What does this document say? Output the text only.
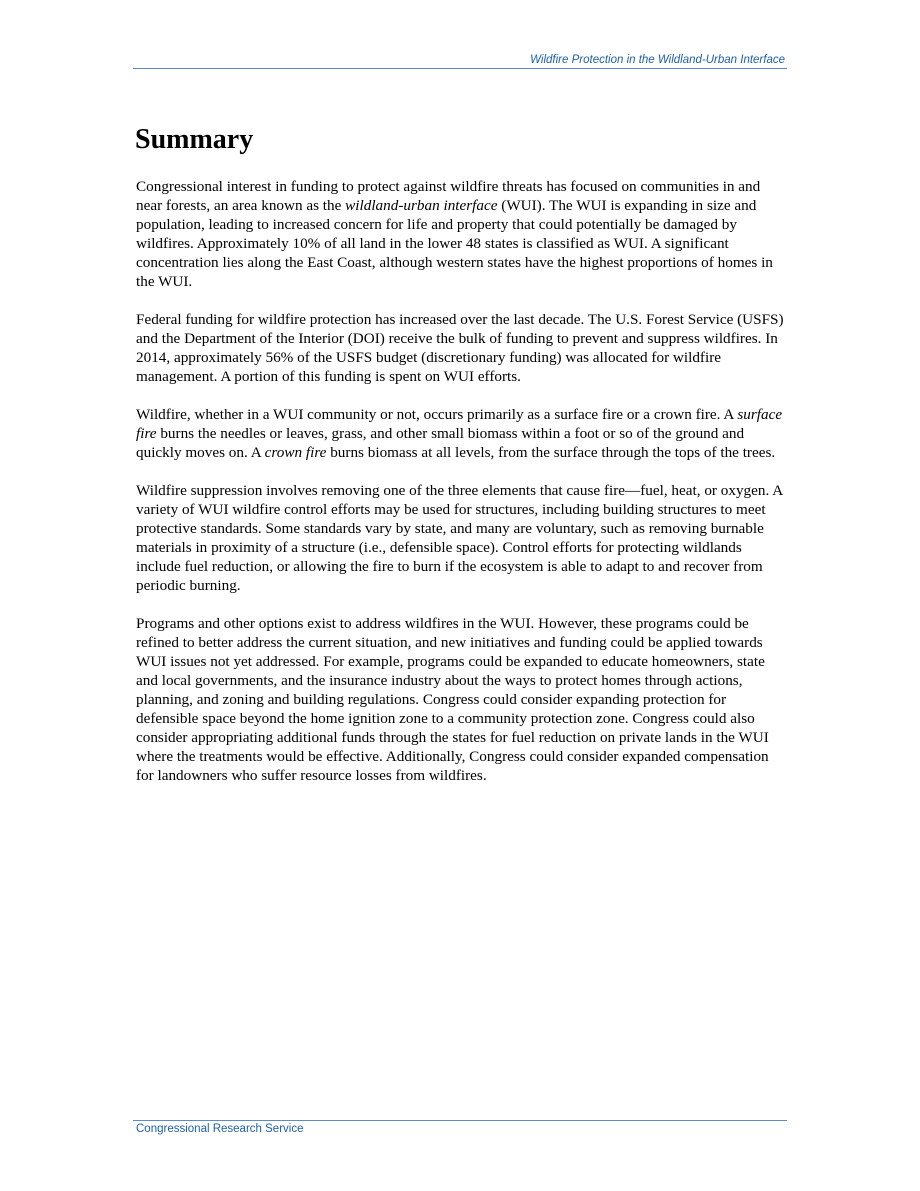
Wildfire Protection in the Wildland-Urban Interface
Summary

Congressional interest in funding to protect against wildfire threats has focused on communities in and near forests, an area known as the wildland-urban interface (WUI). The WUI is expanding in size and population, leading to increased concern for life and property that could potentially be damaged by wildfires. Approximately 10% of all land in the lower 48 states is classified as WUI. A significant concentration lies along the East Coast, although western states have the highest proportions of homes in the WUI.

Federal funding for wildfire protection has increased over the last decade. The U.S. Forest Service (USFS) and the Department of the Interior (DOI) receive the bulk of funding to prevent and suppress wildfires. In 2014, approximately 56% of the USFS budget (discretionary funding) was allocated for wildfire management. A portion of this funding is spent on WUI efforts.

Wildfire, whether in a WUI community or not, occurs primarily as a surface fire or a crown fire. A surface fire burns the needles or leaves, grass, and other small biomass within a foot or so of the ground and quickly moves on. A crown fire burns biomass at all levels, from the surface through the tops of the trees.

Wildfire suppression involves removing one of the three elements that cause fire—fuel, heat, or oxygen. A variety of WUI wildfire control efforts may be used for structures, including building structures to meet protective standards. Some standards vary by state, and many are voluntary, such as removing burnable materials in proximity of a structure (i.e., defensible space). Control efforts for protecting wildlands include fuel reduction, or allowing the fire to burn if the ecosystem is able to adapt to and recover from periodic burning.

Programs and other options exist to address wildfires in the WUI. However, these programs could be refined to better address the current situation, and new initiatives and funding could be applied towards WUI issues not yet addressed. For example, programs could be expanded to educate homeowners, state and local governments, and the insurance industry about the ways to protect homes through actions, planning, and zoning and building regulations. Congress could consider expanding protection for defensible space beyond the home ignition zone to a community protection zone. Congress could also consider appropriating additional funds through the states for fuel reduction on private lands in the WUI where the treatments would be effective. Additionally, Congress could consider expanded compensation for landowners who suffer resource losses from wildfires.

Congressional Research Service
